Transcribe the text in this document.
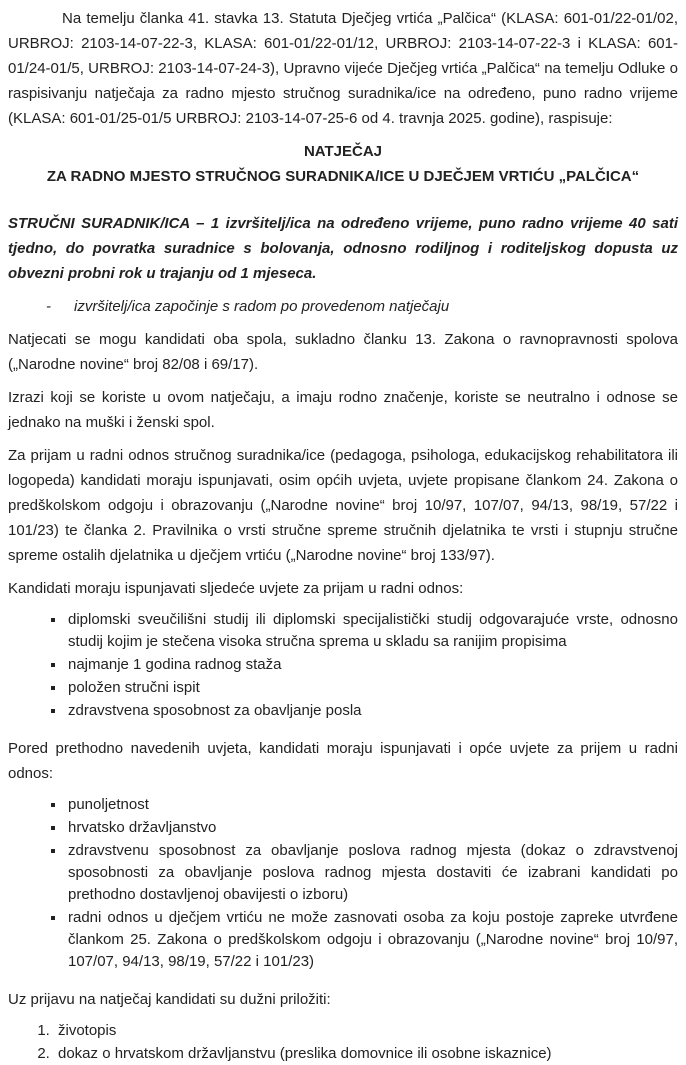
Na temelju članka 41. stavka 13. Statuta Dječjeg vrtića „Palčica“ (KLASA: 601-01/22-01/02, URBROJ: 2103-14-07-22-3, KLASA: 601-01/22-01/12, URBROJ: 2103-14-07-22-3 i KLASA: 601-01/24-01/5, URBROJ: 2103-14-07-24-3), Upravno vijeće Dječjeg vrtića „Palčica“ na temelju Odluke o raspisivanju natječaja za radno mjesto stručnog suradnika/ice na određeno, puno radno vrijeme (KLASA: 601-01/25-01/5 URBROJ: 2103-14-07-25-6 od 4. travnja 2025. godine), raspisuje:

NATJEČAJ
ZA RADNO MJESTO STRUČNOG SURADNIKA/ICE U DJEČJEM VRTIĆU „PALČICA“

STRUČNI SURADNIK/ICA – 1 izvršitelj/ica na određeno vrijeme, puno radno vrijeme 40 sati tjedno, do povratka suradnice s bolovanja, odnosno rodiljnog i roditeljskog dopusta uz obvezni probni rok u trajanju od 1 mjeseca.

-	izvršitelj/ica započinje s radom po provedenom natječaju

Natjecati se mogu kandidati oba spola, sukladno članku 13. Zakona o ravnopravnosti spolova („Narodne novine“ broj 82/08 i 69/17).

Izrazi koji se koriste u ovom natječaju, a imaju rodno značenje, koriste se neutralno i odnose se jednako na muški i ženski spol.

Za prijam u radni odnos stručnog suradnika/ice (pedagoga, psihologa, edukacijskog rehabilitatora ili logopeda) kandidati moraju ispunjavati, osim općih uvjeta, uvjete propisane člankom 24. Zakona o predškolskom odgoju i obrazovanju („Narodne novine“ broj 10/97, 107/07, 94/13, 98/19, 57/22 i 101/23) te članka 2. Pravilnika o vrsti stručne spreme stručnih djelatnika te vrsti i stupnju stručne spreme ostalih djelatnika u dječjem vrtiću („Narodne novine“ broj 133/97).

Kandidati moraju ispunjavati sljedeće uvjete za prijam u radni odnos:

▪ diplomski sveučilišni studij ili diplomski specijalistički studij odgovarajuće vrste, odnosno studij kojim je stečena visoka stručna sprema u skladu sa ranijim propisima
▪ najmanje 1 godina radnog staža
▪ položen stručni ispit
▪ zdravstvena sposobnost za obavljanje posla

Pored prethodno navedenih uvjeta, kandidati moraju ispunjavati i opće uvjete za prijem u radni odnos:

▪ punoljetnost
▪ hrvatsko državljanstvo
▪ zdravstvenu sposobnost za obavljanje poslova radnog mjesta (dokaz o zdravstvenoj sposobnosti za obavljanje poslova radnog mjesta dostaviti će izabrani kandidati po prethodno dostavljenoj obavijesti o izboru)
▪ radni odnos u dječjem vrtiću ne može zasnovati osoba za koju postoje zapreke utvrđene člankom 25. Zakona o predškolskom odgoju i obrazovanju („Narodne novine“ broj 10/97, 107/07, 94/13, 98/19, 57/22 i 101/23)

Uz prijavu na natječaj kandidati su dužni priložiti:

1. životopis
2. dokaz o hrvatskom državljanstvu (preslika domovnice ili osobne iskaznice)
